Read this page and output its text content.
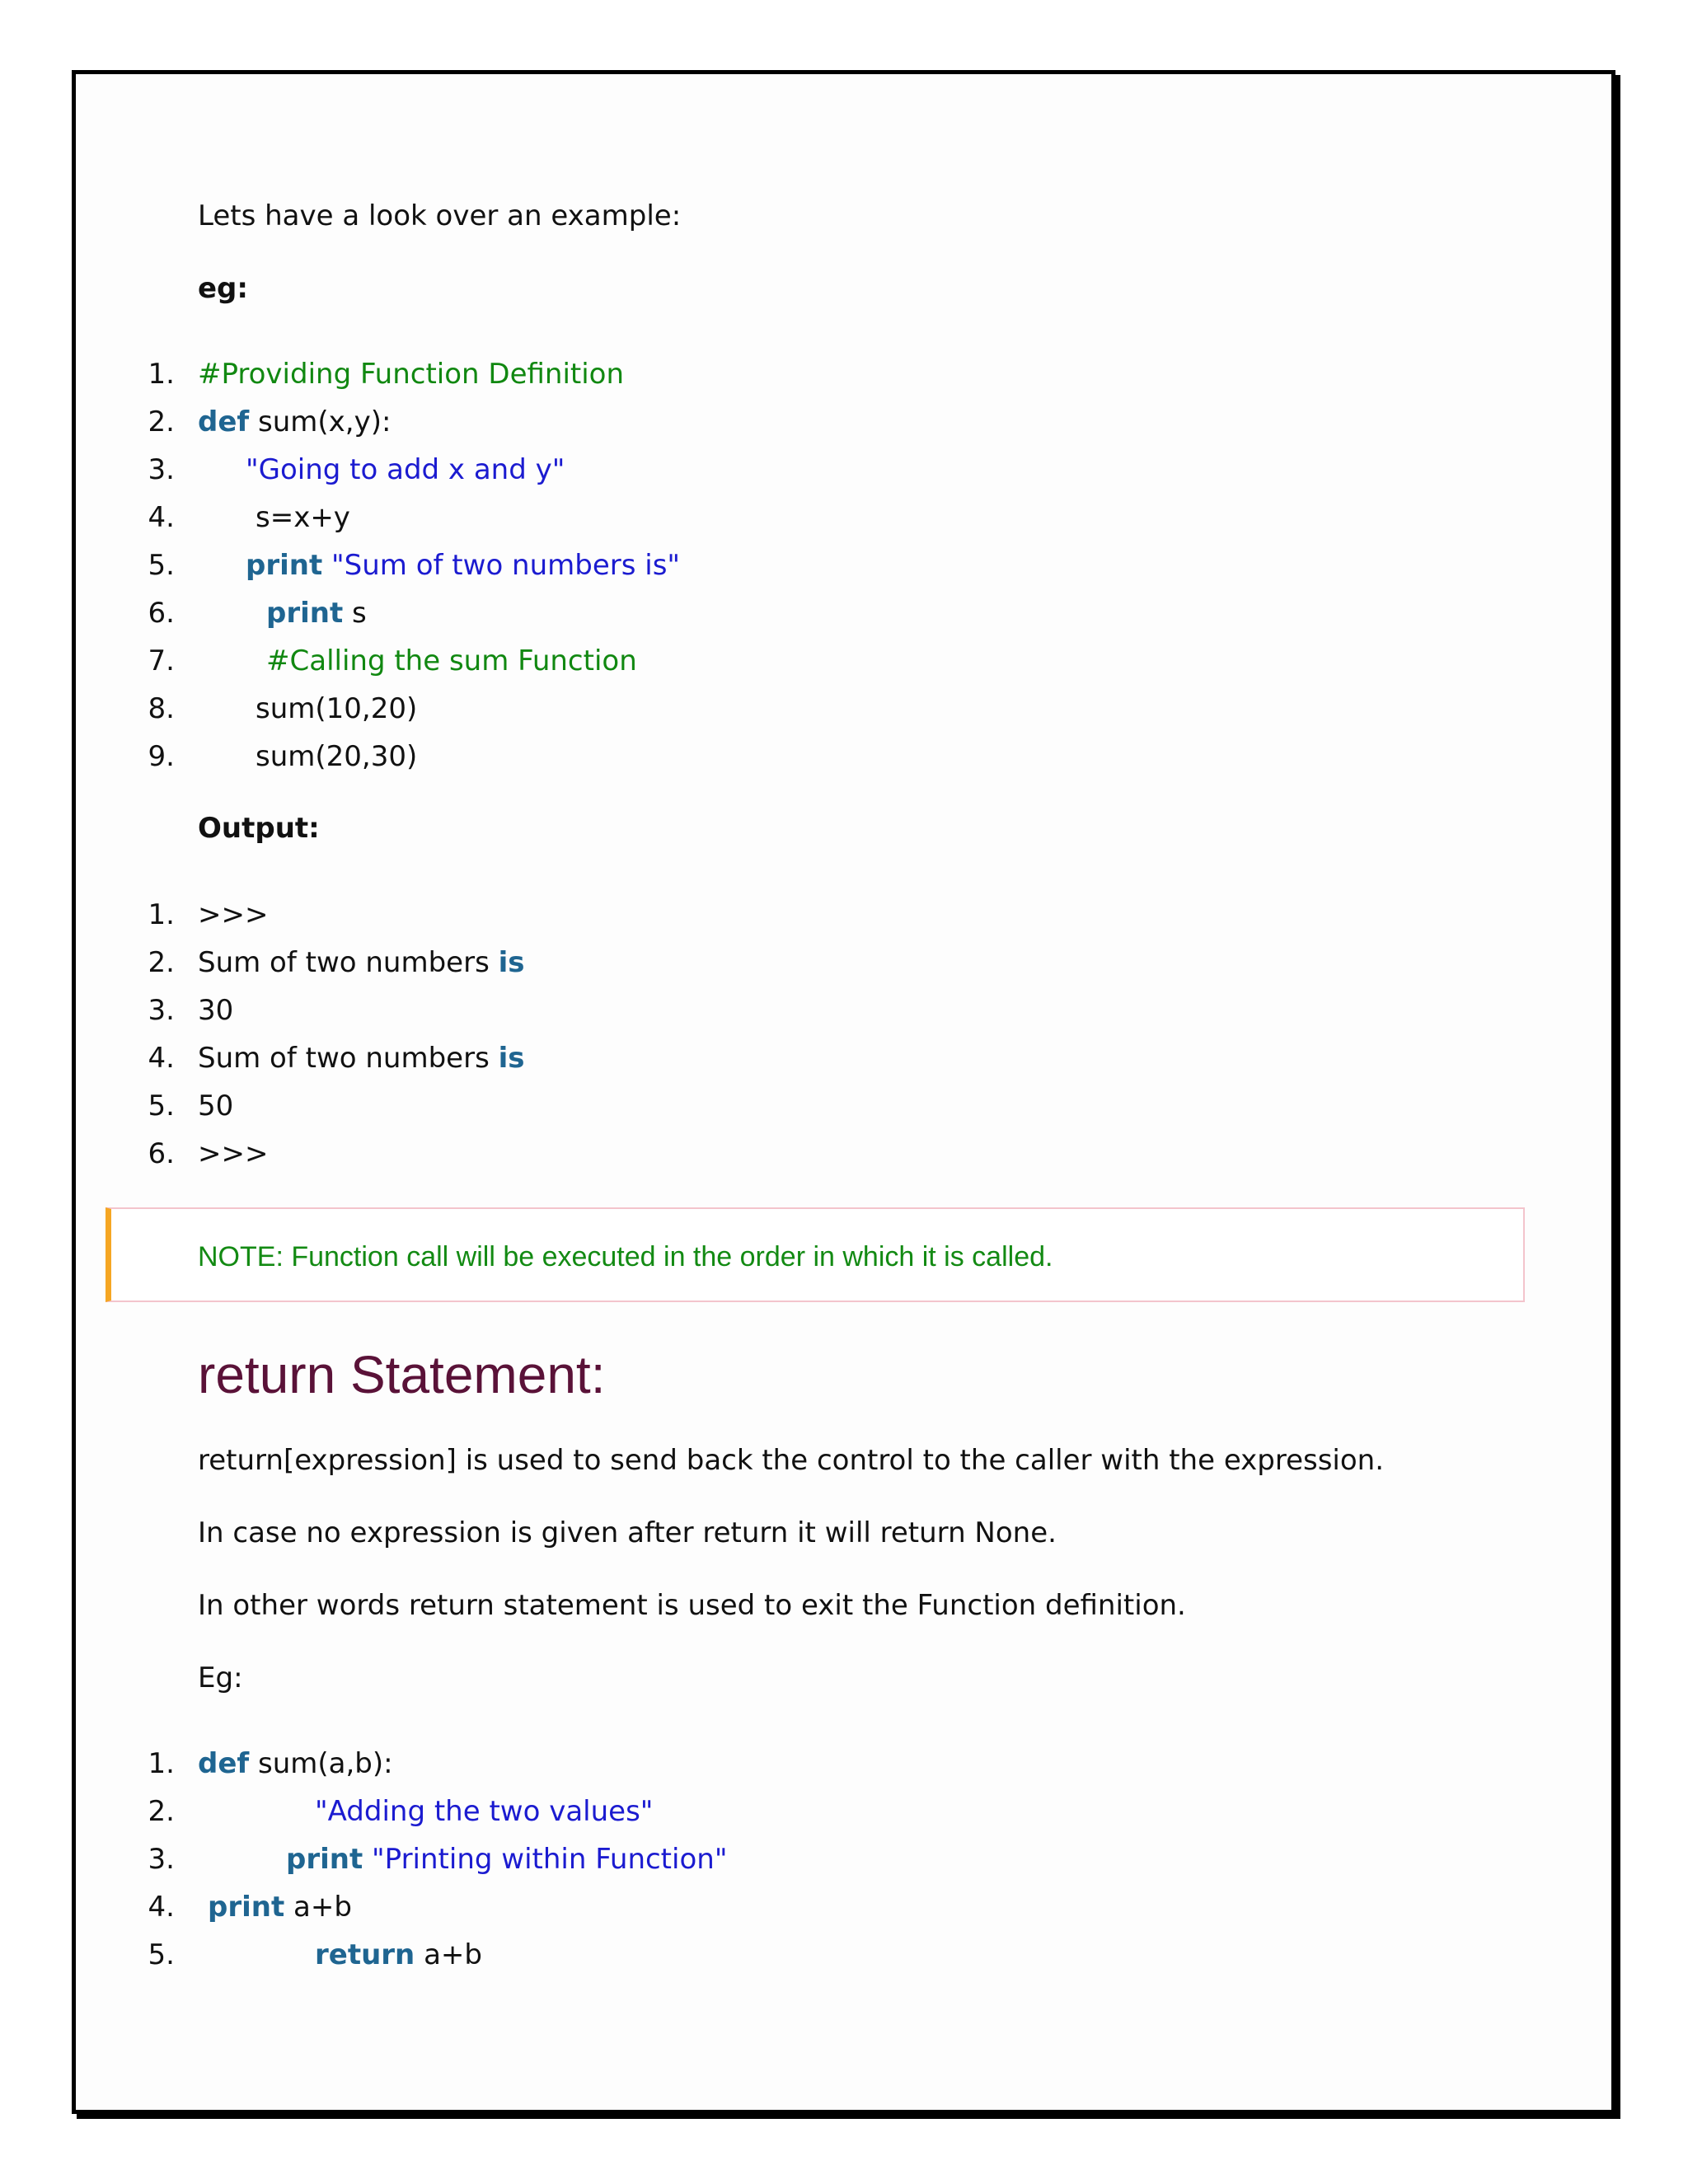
Lets have a look over an example:
eg:
1.
2.
3.
4.
5.
6.
7.
8.
9.
#Providing Function Definition
def sum(x,y):
"Going to add x and y"
s=x+y
print "Sum of two numbers is"
print s
#Calling the sum Function
sum(10,20)
sum(20,30)
Output:
1.
2.
3.
4.
5.
6.
>>>
Sum of two numbers is
30
Sum of two numbers is
50
>>>
NOTE: Function call will be executed in the order in which it is called.
return Statement:
return[expression] is used to send back the control to the caller with the expression.
In case no expression is given after return it will return None.
In other words return statement is used to exit the Function definition.
Eg:
1.
2.
3.
4.
5.
def sum(a,b):
"Adding the two values"
print "Printing within Function"
print a+b
return a+b
